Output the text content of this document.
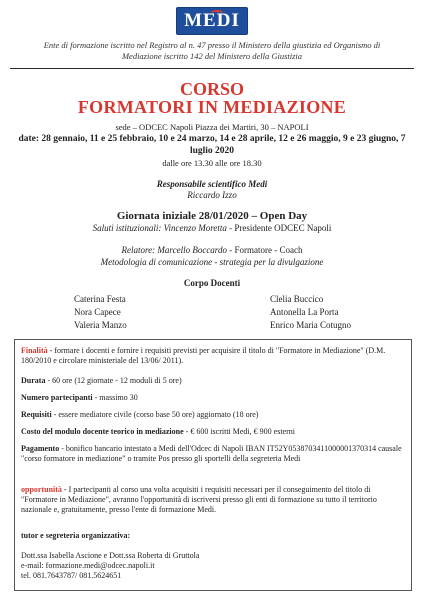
MEDI
Ente di formazione iscritto nel Registro al n. 47 presso il Ministero della giustizia ed Organismo di Mediazione iscritto 142 del Ministero della Giustizia
CORSO
FORMATORI IN MEDIAZIONE
sede – ODCEC Napoli Piazza dei Martiri, 30 – NAPOLI
date: 28 gennaio, 11 e 25 febbraio, 10 e 24 marzo, 14 e 28 aprile, 12 e 26 maggio, 9 e 23 giugno, 7 luglio 2020
dalle ore 13.30 alle ore 18.30
Responsabile scientifico Medi
Riccardo Izzo
Giornata iniziale 28/01/2020 – Open Day
Saluti istituzionali: Vincenzo Moretta - Presidente ODCEC Napoli
Relatore: Marcello Boccardo - Formatore - Coach
Metodologia di comunicazione - strategia per la divulgazione
Corpo Docenti
Caterina Festa
Nora Capece
Valeria Manzo
Clelia Buccico
Antonella La Porta
Enrico Maria Cotugno
Finalità - formare i docenti e fornire i requisiti previsti per acquisire il titolo di "Formatore in Mediazione" (D.M. 180/2010 e circolare ministeriale del 13/06/ 2011).
Durata - 60 ore (12 giornate - 12 moduli di 5 ore)
Numero partecipanti - massimo 30
Requisiti - essere mediatore civile (corso base 50 ore) aggiornato (18 ore)
Costo del modulo docente teorico in mediazione - € 600 iscritti Medi, € 900 esterni
Pagamento - bonifico bancario intestato a Medi dell'Odcec di Napoli IBAN IT52Y0538703411000001370314 causale "corso formatore in mediazione" o tramite Pos presso gli sportelli della segreteria Medi
opportunità - I partecipanti al corso una volta acquisiti i requisiti necessari per il conseguimento del titolo di "Formatore in Mediazione", avranno l'opportunità di iscriversi presso gli enti di formazione su tutto il territorio nazionale e, gratuitamente, presso l'ente di formazione Medi.
tutor e segreteria organizzativa:
Dott.ssa Isabella Ascione e Dott.ssa Roberta di Gruttola
e-mail: formazione.medi@odcec.napoli.it
tel. 081.7643787/ 081.5624651
